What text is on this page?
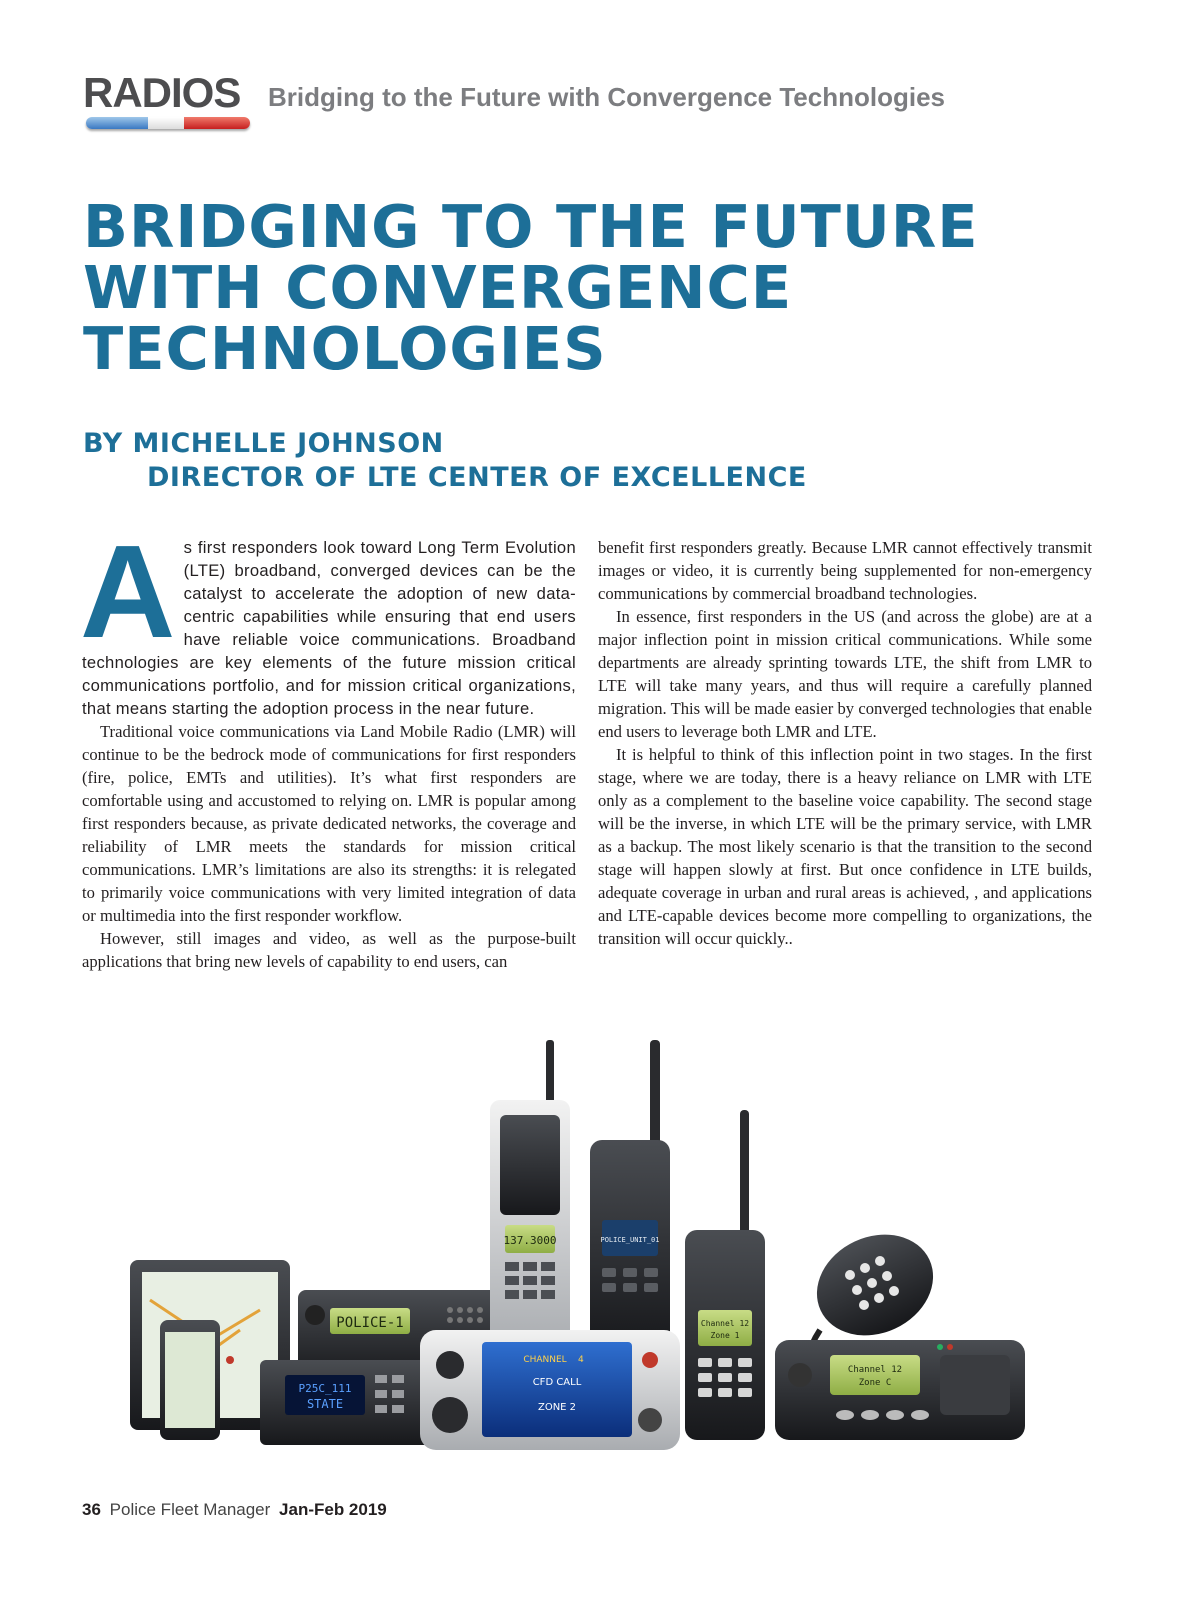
RADIOS Bridging to the Future with Convergence Technologies
BRIDGING TO THE FUTURE
WITH CONVERGENCE
TECHNOLOGIES
BY MICHELLE JOHNSON
DIRECTOR OF LTE CENTER OF EXCELLENCE

A s first responders look toward Long Term Evolution (LTE) broadband, converged devices can be the catalyst to accelerate the adoption of new data-centric capabilities while ensuring that end users have reliable voice communications. Broadband technologies are key elements of the future mission critical communications portfolio, and for mission critical organizations, that means starting the adoption process in the near future.

Traditional voice communications via Land Mobile Radio (LMR) will continue to be the bedrock mode of communications for first responders (fire, police, EMTs and utilities). It’s what first responders are comfortable using and accustomed to relying on. LMR is popular among first responders because, as private dedicated networks, the coverage and reliability of LMR meets the standards for mission critical communications. LMR’s limitations are also its strengths: it is relegated to primarily voice communications with very limited integration of data or multimedia into the first responder workflow.

However, still images and video, as well as the purpose-built applications that bring new levels of capability to end users, can

benefit first responders greatly. Because LMR cannot effectively transmit images or video, it is currently being supplemented for non-emergency communications by commercial broadband technologies.

In essence, first responders in the US (and across the globe) are at a major inflection point in mission critical communications. While some departments are already sprinting towards LTE, the shift from LMR to LTE will take many years, and thus will require a carefully planned migration. This will be made easier by converged technologies that enable end users to leverage both LMR and LTE.

It is helpful to think of this inflection point in two stages. In the first stage, where we are today, there is a heavy reliance on LMR with LTE only as a complement to the baseline voice capability. The second stage will be the inverse, in which LTE will be the primary service, with LMR as a backup. The most likely scenario is that the transition to the second stage will happen slowly at first. But once confidence in LTE builds, adequate coverage in urban and rural areas is achieved, , and applications and LTE-capable devices become more compelling to organizations, the transition will occur quickly..

POLICE-1
P25C_111
STATE
137.3000	POLICE_UNIT_01
CHANNEL 4
CFD CALL
ZONE 2
Channel 12
Zone 1
Channel 12
Zone C
36 Police Fleet Manager Jan-Feb 2019
